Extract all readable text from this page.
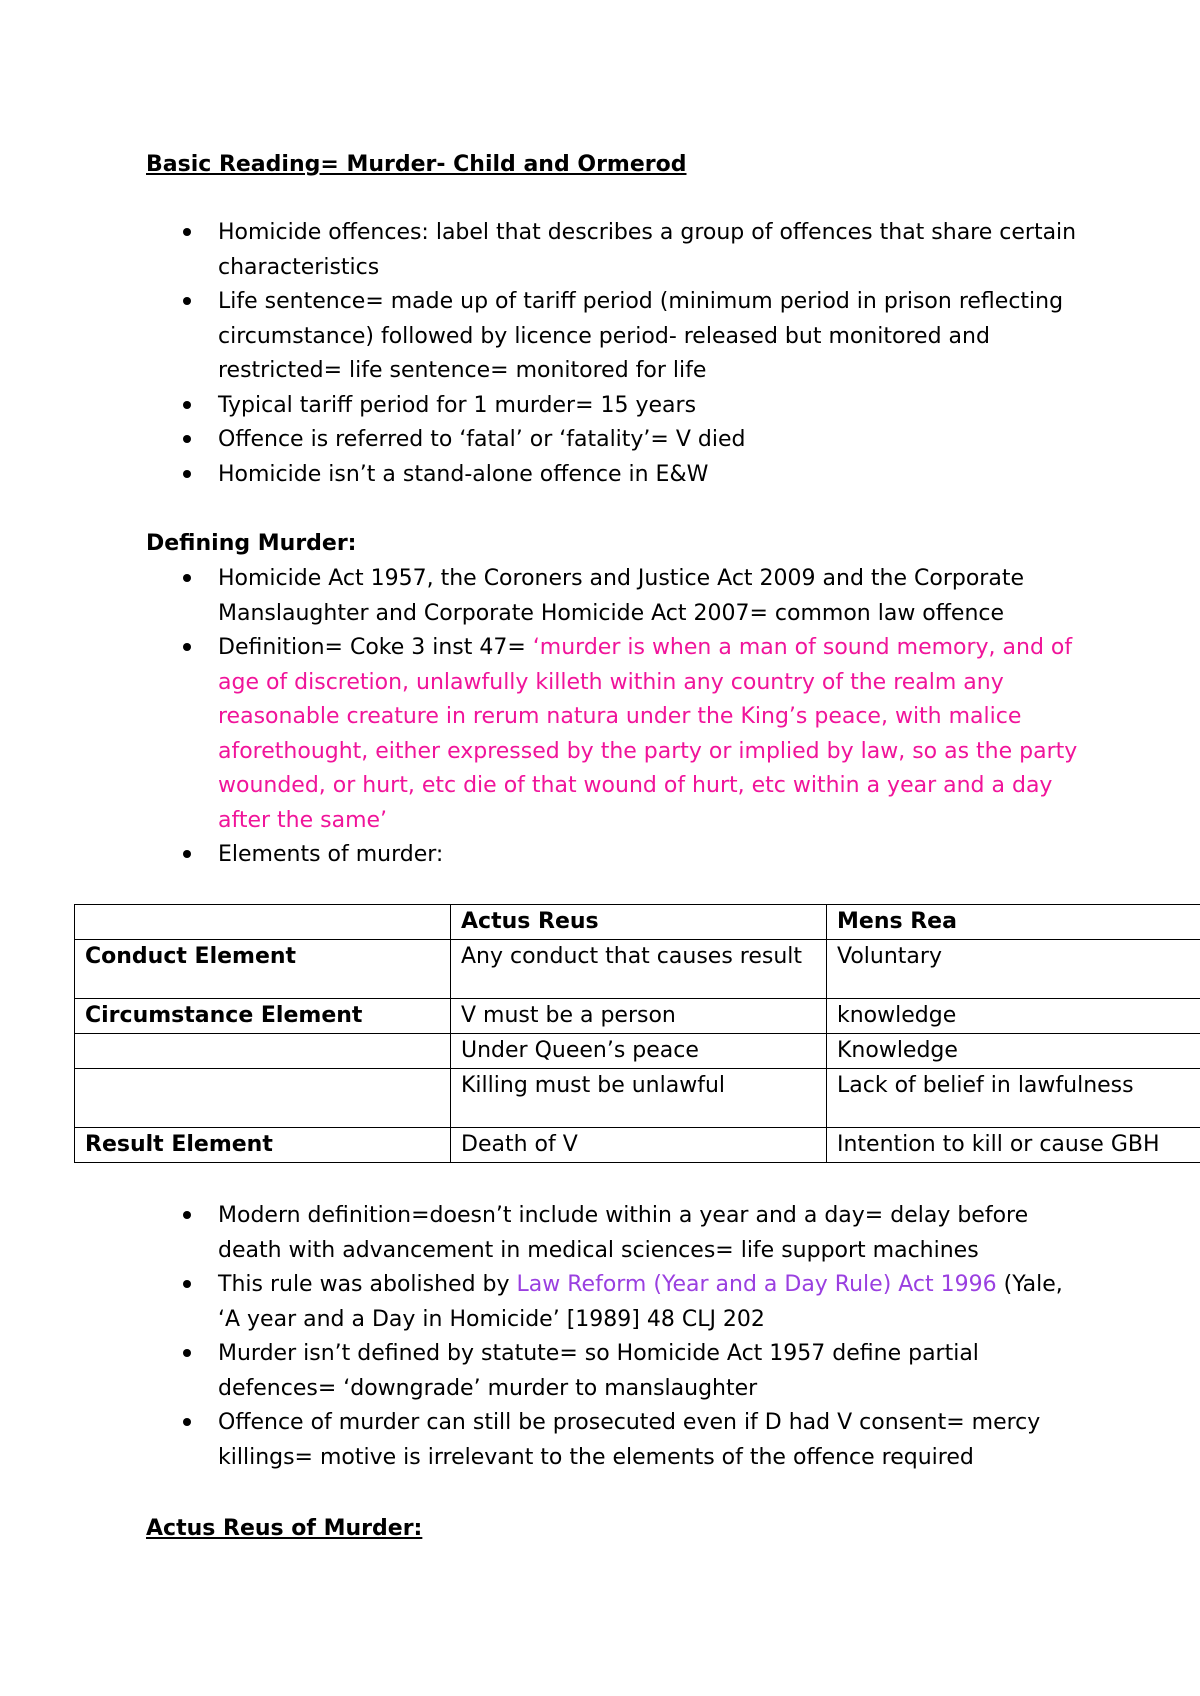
Basic Reading= Murder- Child and Ormerod
Homicide offences: label that describes a group of offences that share certain characteristics
Life sentence= made up of tariff period (minimum period in prison reflecting circumstance) followed by licence period- released but monitored and restricted= life sentence= monitored for life
Typical tariff period for 1 murder= 15 years
Offence is referred to ‘fatal’ or ‘fatality’= V died
Homicide isn’t a stand-alone offence in E&W
Defining Murder:
Homicide Act 1957, the Coroners and Justice Act 2009 and the Corporate Manslaughter and Corporate Homicide Act 2007= common law offence
Definition= Coke 3 inst 47= ‘murder is when a man of sound memory, and of age of discretion, unlawfully killeth within any country of the realm any reasonable creature in rerum natura under the King’s peace, with malice aforethought, either expressed by the party or implied by law, so as the party wounded, or hurt, etc die of that wound of hurt, etc within a year and a day after the same’
Elements of murder:
	Actus Reus	Mens Rea
Conduct Element	Any conduct that causes result	Voluntary
Circumstance Element	V must be a person	knowledge
	Under Queen’s peace	Knowledge
	Killing must be unlawful	Lack of belief in lawfulness
Result Element	Death of V	Intention to kill or cause GBH
Modern definition=doesn’t include within a year and a day= delay before death with advancement in medical sciences= life support machines
This rule was abolished by Law Reform (Year and a Day Rule) Act 1996 (Yale, ‘A year and a Day in Homicide’ [1989] 48 CLJ 202
Murder isn’t defined by statute= so Homicide Act 1957 define partial defences= ‘downgrade’ murder to manslaughter
Offence of murder can still be prosecuted even if D had V consent= mercy killings= motive is irrelevant to the elements of the offence required
Actus Reus of Murder:
